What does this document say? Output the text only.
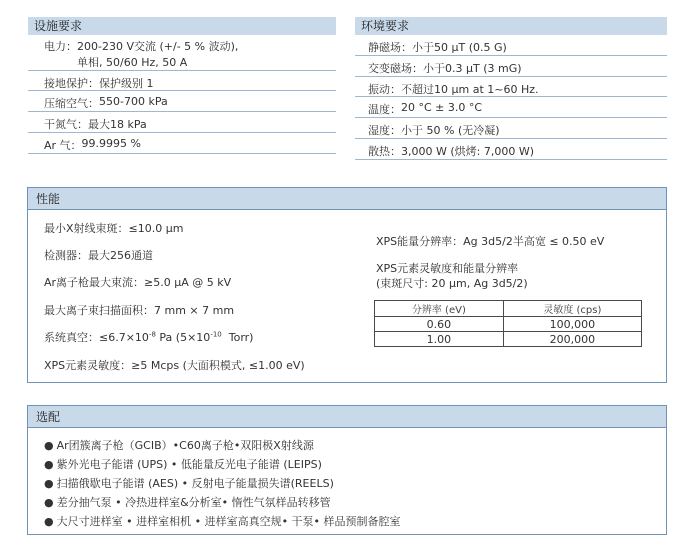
设施要求
电力： 200-230 V交流 (+/- 5 % 波动),
单相, 50/60 Hz, 50 A
接地保护： 保护级别 1
压缩空气： 550-700 kPa
干氮气： 最大18 kPa
Ar 气： 99.9995 %
环境要求
静磁场： 小于50 μT (0.5 G)
交变磁场： 小于0.3 μT (3 mG)
振动： 不超过10 μm at 1~60 Hz.
温度： 20 °C ± 3.0 °C
湿度： 小于 50 % (无冷凝)
散热： 3,000 W (烘烤: 7,000 W)
性能
最小X射线束斑：≤10.0 μm
检测器：最大256通道
Ar离子枪最大束流：≥5.0 μA @ 5 kV
最大离子束扫描面积：7 mm × 7 mm
系统真空：$\le 6.7\times 10^{-8}$ Pa ($5\times 10^{-10}$  Torr)
XPS元素灵敏度：≥5 Mcps (大面积模式, ≤1.00 eV)
XPS能量分辨率：Ag 3d5/2半高宽 ≤ 0.50 eV
XPS元素灵敏度和能量分辨率
(束斑尺寸: 20 μm, Ag 3d5/2)
分辨率 (eV)	灵敏度 (cps)
0.60	100,000
1.00	200,000
选配
● Ar团簇离子枪（GCIB）•C60离子枪•双阳极X射线源
● 紫外光电子能谱 (UPS) • 低能量反光电子能谱 (LEIPS)
● 扫描俄歇电子能谱 (AES) • 反射电子能量损失谱(REELS)
● 差分抽气泵 • 冷热进样室&分析室• 惰性气氛样品转移管
● 大尺寸进样室 • 进样室相机 • 进样室高真空规• 干泵• 样品预制备腔室
